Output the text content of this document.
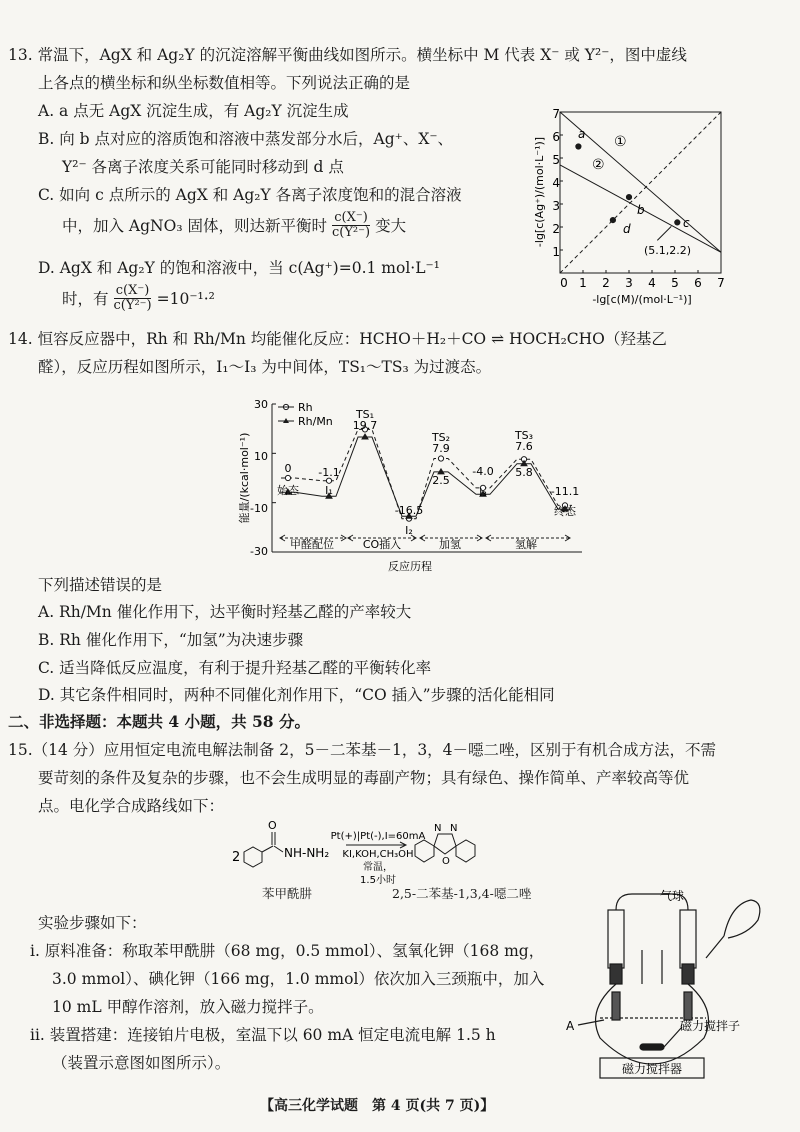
13. 常温下，AgX 和 Ag₂Y 的沉淀溶解平衡曲线如图所示。横坐标中 M 代表 X⁻ 或 Y²⁻，图中虚线
上各点的横坐标和纵坐标数值相等。下列说法正确的是
A. a 点无 AgX 沉淀生成，有 Ag₂Y 沉淀生成
B. 向 b 点对应的溶质饱和溶液中蒸发部分水后，Ag⁺、X⁻、
Y²⁻ 各离子浓度关系可能同时移动到 d 点
C. 如向 c 点所示的 AgX 和 Ag₂Y 各离子浓度饱和的混合溶液
中，加入 AgNO₃ 固体，则达新平衡时 $\frac{c(X^-)}{\text{c(Y²⁻)}}$ 变大
D. AgX 和 Ag₂Y 的饱和溶液中，当 c(Ag⁺)=0.1 mol·L⁻¹
时，有 $\frac{c(X^-)}{\text{c(Y²⁻)}} =10^{-1}\cdot^2$
0 1 2 3 4 5 6 7
1
2
3
4
5
6
7
-lg[c(M)/(mol·L⁻¹)]
-lg[c(Ag⁺)/(mol·L⁻¹)]	①
②
a
b
c
d
(5.1,2.2)
14. 恒容反应器中，Rh 和 Rh/Mn 均能催化反应：HCHO＋H₂＋CO ⇌ HOCH₂CHO（羟基乙
醛），反应历程如图所示，I₁～I₃ 为中间体，TS₁～TS₃ 为过渡态。
30
10
-10
-30
能量/(kcal·mol⁻¹)
反应历程
Rh
Rh/Mn
始态 I₁
TS₁
I₂
TS₂
I₃
TS₃
终态
0 -1.1
19.7
-16.5
7.9
2.5
-4.0
7.6
5.8
-11.1
甲醛配位	CO插入	加氢	氢解
下列描述错误的是
A. Rh/Mn 催化作用下，达平衡时羟基乙醛的产率较大
B. Rh 催化作用下，“加氢”为决速步骤
C. 适当降低反应温度，有利于提升羟基乙醛的平衡转化率
D. 其它条件相同时，两种不同催化剂作用下，“CO 插入”步骤的活化能相同
二、非选择题：本题共 4 小题，共 58 分。
15.（14 分）应用恒定电流电解法制备 2，5－二苯基－1，3，4－噁二唑，区别于有机合成方法，不需
要苛刻的条件及复杂的步骤，也不会生成明显的毒副产物；具有绿色、操作简单、产率较高等优
点。电化学合成路线如下：
2
O
NH-NH₂
Pt(+)|Pt(-),I=60mA
KI,KOH,CH₃OH
常温，
1.5小时
N N
O
苯甲酰肼	2,5-二苯基-1,3,4-噁二唑
实验步骤如下：
ⅰ. 原料准备：称取苯甲酰肼（68 mg，0.5 mmol）、氢氧化钾（168 mg，
3.0 mmol）、碘化钾（166 mg，1.0 mmol）依次加入三颈瓶中，加入
10 mL 甲醇作溶剂，放入磁力搅拌子。
ⅱ. 装置搭建：连接铂片电极，室温下以 60 mA 恒定电流电解 1.5 h
（装置示意图如图所示）。
气球
磁力搅拌子
磁力搅拌器
A
【高三化学试题　第 4 页(共 7 页)】
